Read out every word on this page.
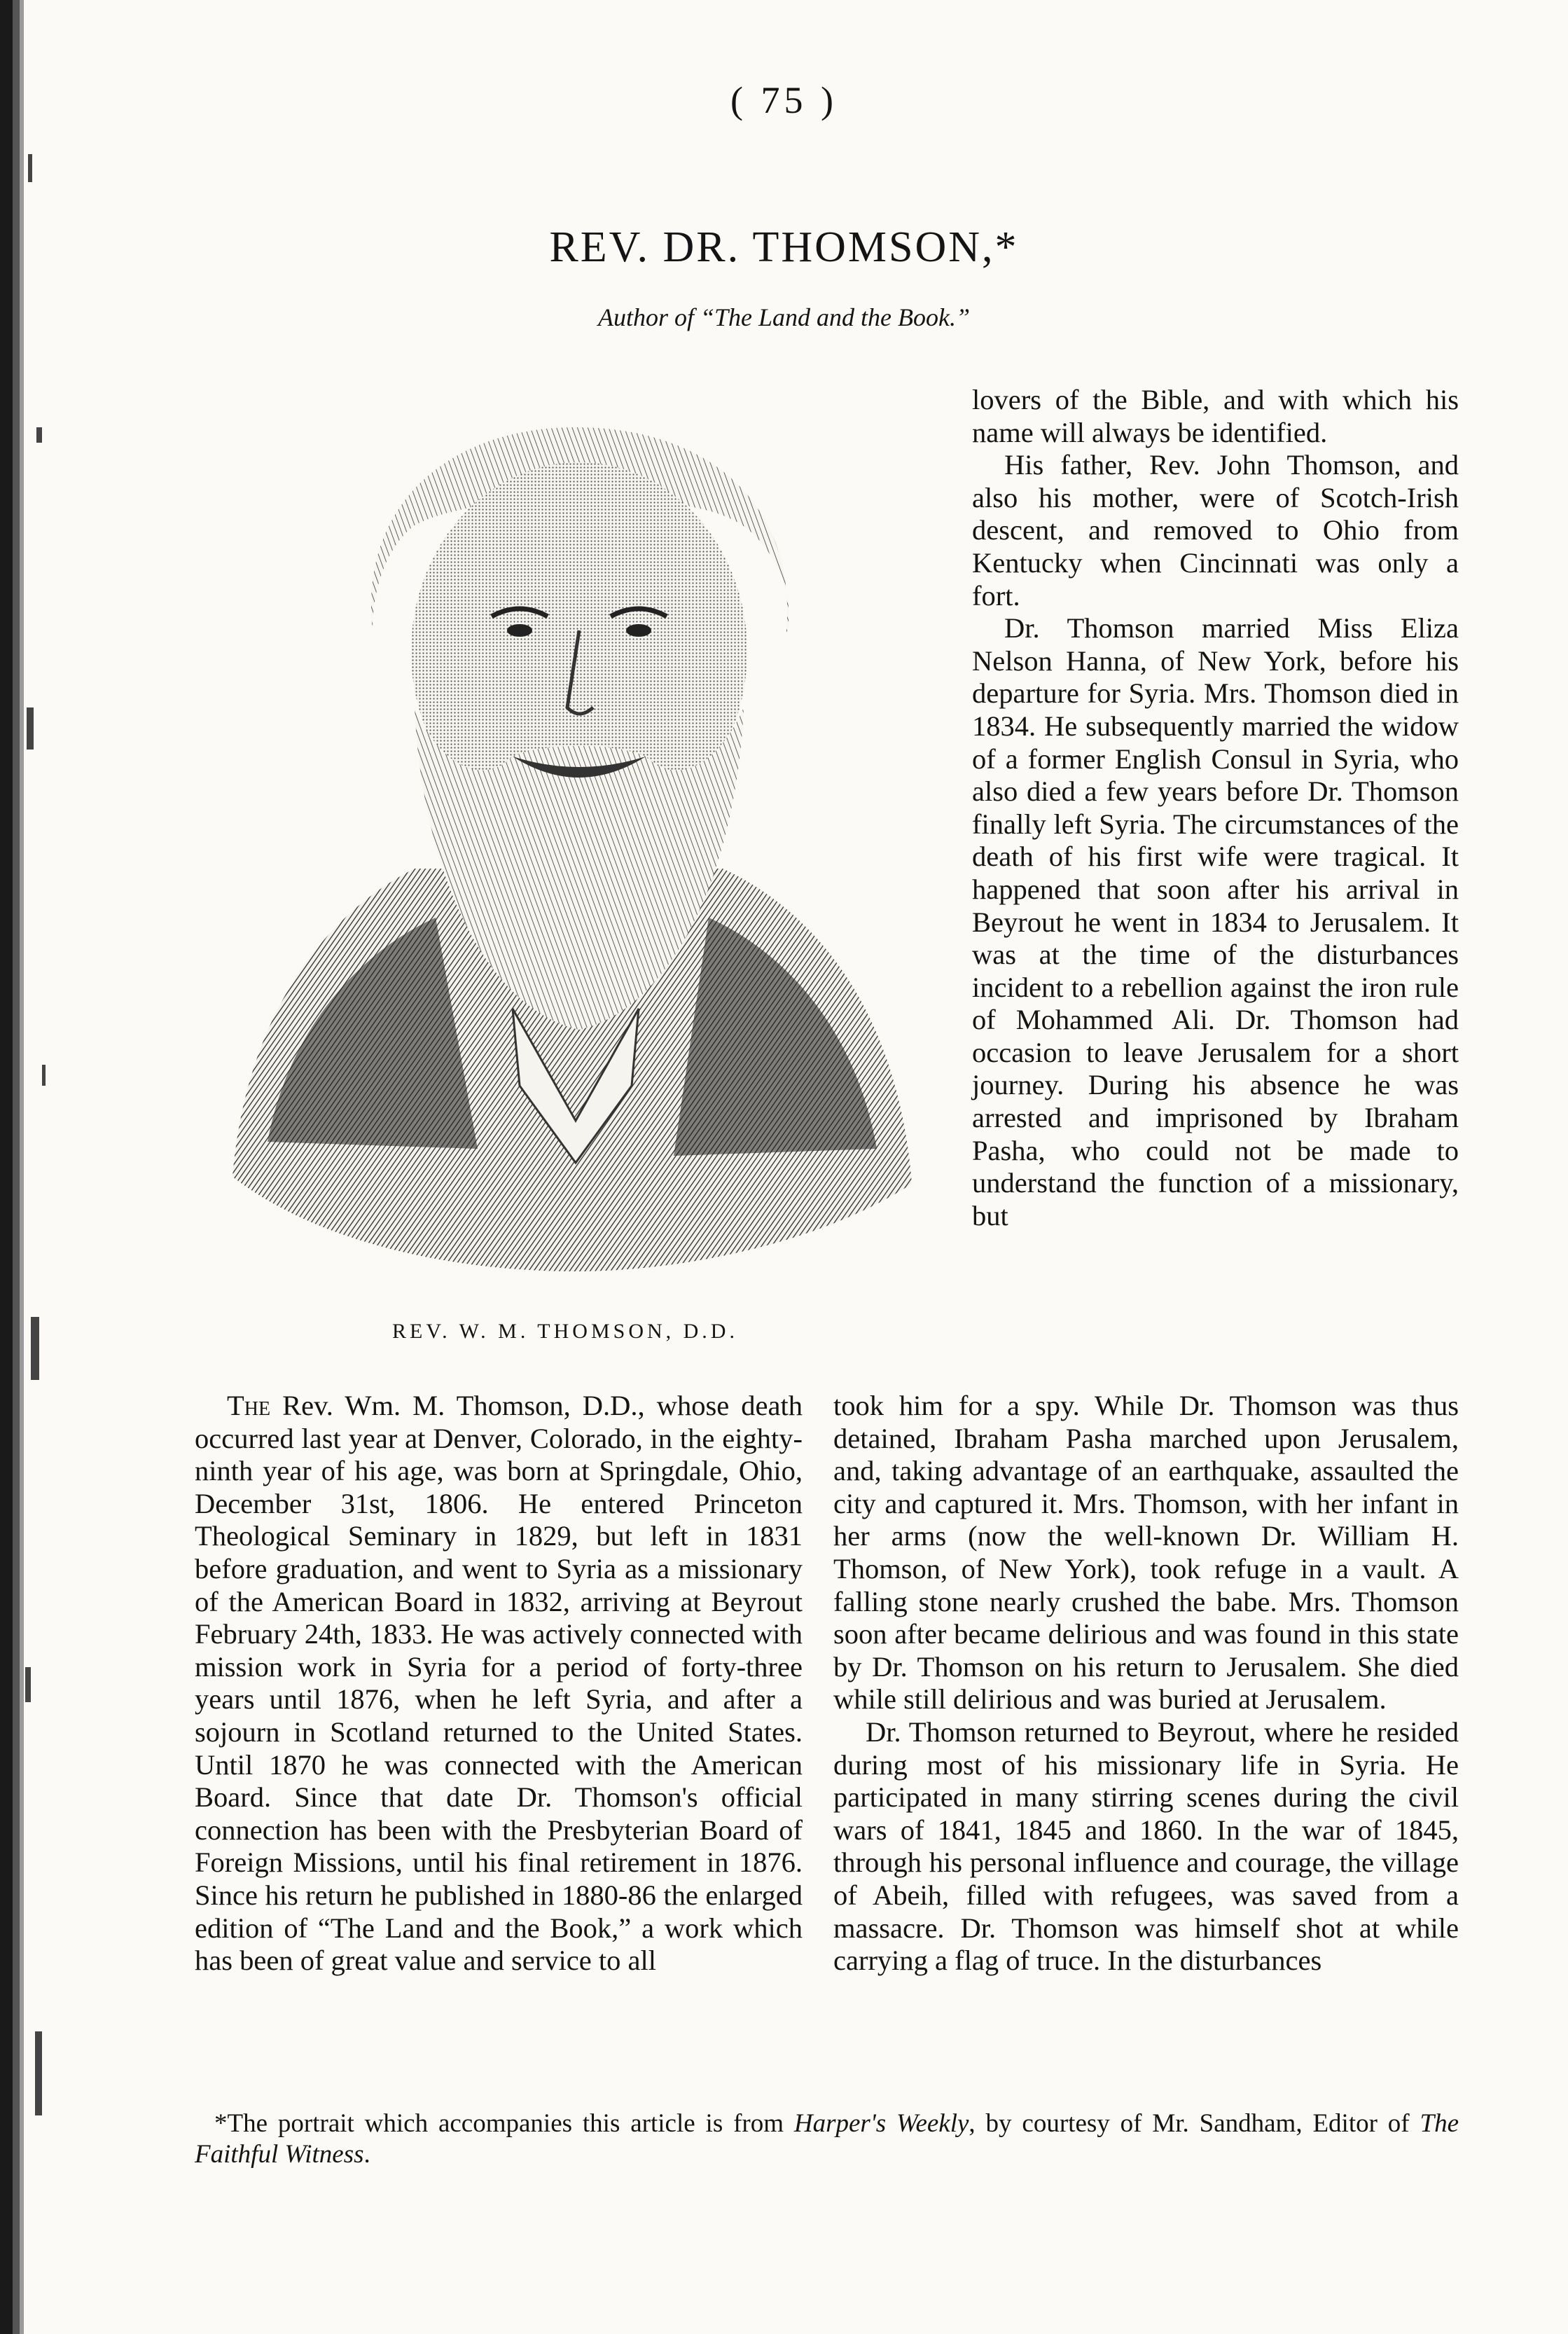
( 75 )
REV. DR. THOMSON,*
Author of “The Land and the Book.”
REV. W. M. THOMSON, D.D.

lovers of the Bible, and with which his name will always be identified.

His father, Rev. John Thomson, and also his mother, were of Scotch-Irish descent, and removed to Ohio from Kentucky when Cincinnati was only a fort.

Dr. Thomson married Miss Eliza Nelson Hanna, of New York, before his departure for Syria. Mrs. Thomson died in 1834. He subsequently married the widow of a former English Consul in Syria, who also died a few years before Dr. Thomson finally left Syria. The circumstances of the death of his first wife were tragical. It happened that soon after his arrival in Beyrout he went in 1834 to Jerusalem. It was at the time of the disturbances incident to a rebellion against the iron rule of Mohammed Ali. Dr. Thomson had occasion to leave Jerusalem for a short journey. During his absence he was arrested and imprisoned by Ibraham Pasha, who could not be made to understand the function of a missionary, but

The Rev. Wm. M. Thomson, D.D., whose death occurred last year at Denver, Colorado, in the eighty-ninth year of his age, was born at Springdale, Ohio, December 31st, 1806. He entered Princeton Theological Seminary in 1829, but left in 1831 before graduation, and went to Syria as a missionary of the American Board in 1832, arriving at Beyrout February 24th, 1833. He was actively connected with mission work in Syria for a period of forty-three years until 1876, when he left Syria, and after a sojourn in Scotland returned to the United States. Until 1870 he was connected with the American Board. Since that date Dr. Thomson's official connection has been with the Presbyterian Board of Foreign Missions, until his final retirement in 1876. Since his return he published in 1880-86 the enlarged edition of “The Land and the Book,” a work which has been of great value and service to all

took him for a spy. While Dr. Thomson was thus detained, Ibraham Pasha marched upon Jerusalem, and, taking advantage of an earthquake, assaulted the city and captured it. Mrs. Thomson, with her infant in her arms (now the well-known Dr. William H. Thomson, of New York), took refuge in a vault. A falling stone nearly crushed the babe. Mrs. Thomson soon after became delirious and was found in this state by Dr. Thomson on his return to Jerusalem. She died while still delirious and was buried at Jerusalem.

Dr. Thomson returned to Beyrout, where he resided during most of his missionary life in Syria. He participated in many stirring scenes during the civil wars of 1841, 1845 and 1860. In the war of 1845, through his personal influence and courage, the village of Abeih, filled with refugees, was saved from a massacre. Dr. Thomson was himself shot at while carrying a flag of truce. In the disturbances

*The portrait which accompanies this article is from Harper's Weekly, by courtesy of Mr. Sandham, Editor of The Faithful Witness.
